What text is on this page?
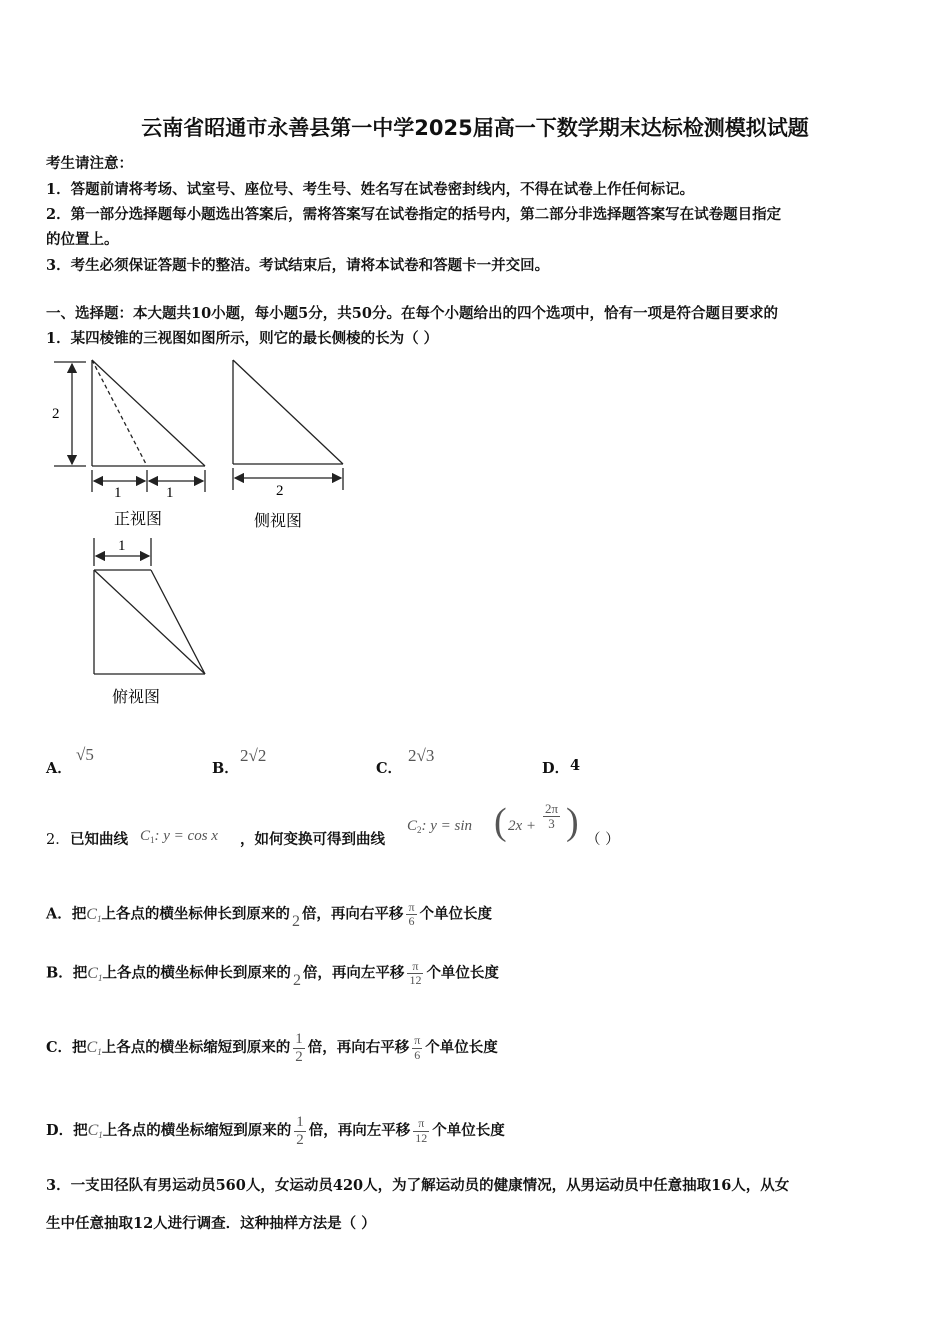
云南省昭通市永善县第一中学2025届高一下数学期末达标检测模拟试题
考生请注意：
1．答题前请将考场、试室号、座位号、考生号、姓名写在试卷密封线内，不得在试卷上作任何标记。
2．第一部分选择题每小题选出答案后，需将答案写在试卷指定的括号内，第二部分非选择题答案写在试卷题目指定
的位置上。
3．考生必须保证答题卡的整洁。考试结束后，请将本试卷和答题卡一并交回。
一、选择题：本大题共10小题，每小题5分，共50分。在每个小题给出的四个选项中，恰有一项是符合题目要求的
1．某四棱锥的三视图如图所示，则它的最长侧棱的长为（ ）
2
1	1
正视图
2
侧视图
1
俯视图
A．
√5
B．
2√2
C．
2√3
D． 4
2． 已知曲线 $C_1$: y = cos x ，如何变换可得到曲线
$C_2$: y = sin ( $2x + \frac{2\pi}{3}$ ) （ ）
A．把$C_1$上各点的横坐标伸长到原来的 2 倍，再向右平移 $\frac{\pi}{6}$ 个单位长度
B．把$C_1$上各点的横坐标伸长到原来的 2 倍，再向左平移 $\frac{\pi}{12}$ 个单位长度
C．把$C_1$上各点的横坐标缩短到原来的 $\frac{1}{2}$ 倍，再向右平移 $\frac{\pi}{6}$ 个单位长度
D．把$C_1$上各点的横坐标缩短到原来的 $\frac{1}{2}$ 倍，再向左平移 $\frac{\pi}{12}$ 个单位长度
3．一支田径队有男运动员560人，女运动员420人，为了解运动员的健康情况，从男运动员中任意抽取16人，从女
生中任意抽取12人进行调查．这种抽样方法是（ ）
